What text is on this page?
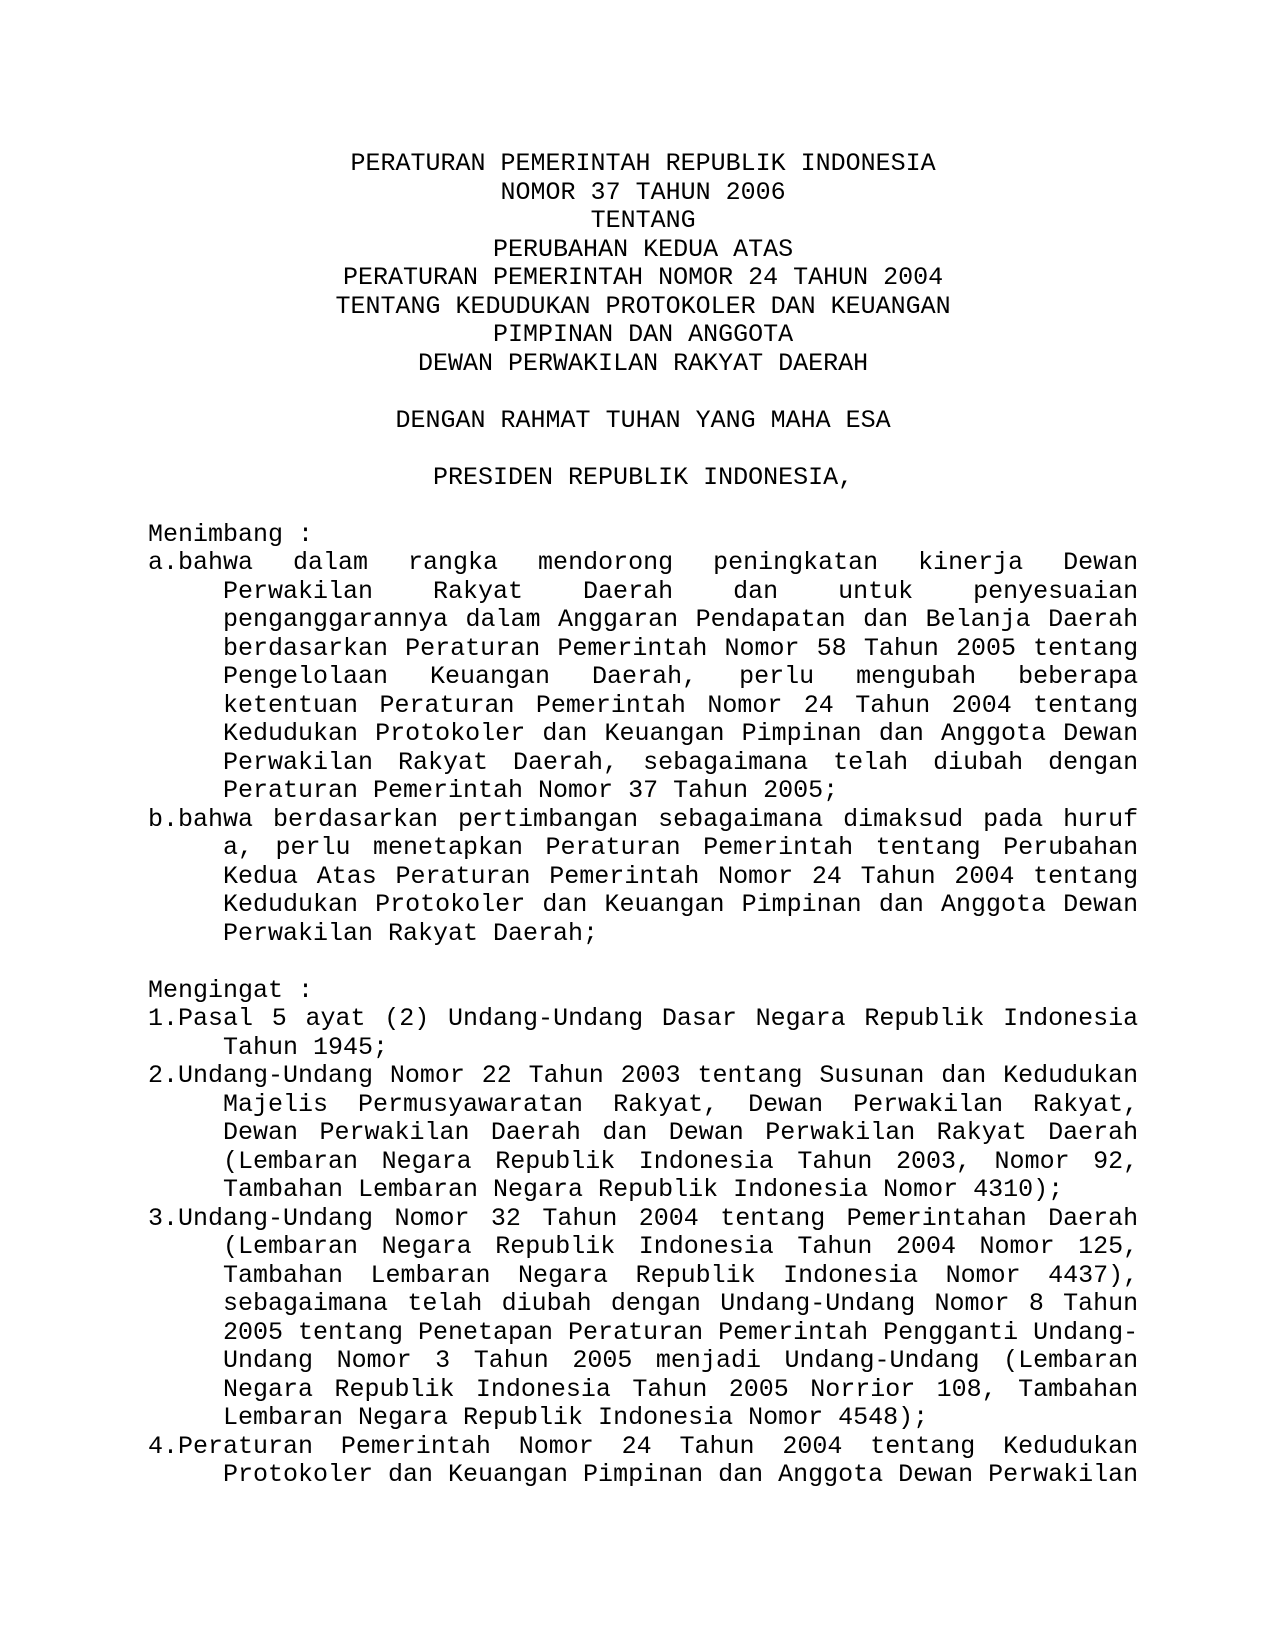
PERATURAN PEMERINTAH REPUBLIK INDONESIA
NOMOR 37 TAHUN 2006
TENTANG
PERUBAHAN KEDUA ATAS
PERATURAN PEMERINTAH NOMOR 24 TAHUN 2004
TENTANG KEDUDUKAN PROTOKOLER DAN KEUANGAN
PIMPINAN DAN ANGGOTA
DEWAN PERWAKILAN RAKYAT DAERAH
DENGAN RAHMAT TUHAN YANG MAHA ESA
PRESIDEN REPUBLIK INDONESIA,
Menimbang :
a.bahwa dalam rangka mendorong peningkatan kinerja Dewan Perwakilan Rakyat Daerah dan untuk penyesuaian penganggarannya dalam Anggaran Pendapatan dan Belanja Daerah berdasarkan Peraturan Pemerintah Nomor 58 Tahun 2005 tentang Pengelolaan Keuangan Daerah, perlu mengubah beberapa ketentuan Peraturan Pemerintah Nomor 24 Tahun 2004 tentang Kedudukan Protokoler dan Keuangan Pimpinan dan Anggota Dewan Perwakilan Rakyat Daerah, sebagaimana telah diubah dengan Peraturan Pemerintah Nomor 37 Tahun 2005;
b.bahwa berdasarkan pertimbangan sebagaimana dimaksud pada huruf a, perlu menetapkan Peraturan Pemerintah tentang Perubahan Kedua Atas Peraturan Pemerintah Nomor 24 Tahun 2004 tentang Kedudukan Protokoler dan Keuangan Pimpinan dan Anggota Dewan Perwakilan Rakyat Daerah;
Mengingat :
1.Pasal 5 ayat (2) Undang-Undang Dasar Negara Republik Indonesia Tahun 1945;
2.Undang-Undang Nomor 22 Tahun 2003 tentang Susunan dan Kedudukan Majelis Permusyawaratan Rakyat, Dewan Perwakilan Rakyat, Dewan Perwakilan Daerah dan Dewan Perwakilan Rakyat Daerah (Lembaran Negara Republik Indonesia Tahun 2003, Nomor 92, Tambahan Lembaran Negara Republik Indonesia Nomor 4310);
3.Undang-Undang Nomor 32 Tahun 2004 tentang Pemerintahan Daerah (Lembaran Negara Republik Indonesia Tahun 2004 Nomor 125, Tambahan Lembaran Negara Republik Indonesia Nomor 4437), sebagaimana telah diubah dengan Undang-Undang Nomor 8 Tahun 2005 tentang Penetapan Peraturan Pemerintah Pengganti Undang-Undang Nomor 3 Tahun 2005 menjadi Undang-Undang (Lembaran Negara Republik Indonesia Tahun 2005 Norrior 108, Tambahan Lembaran Negara Republik Indonesia Nomor 4548);
4.Peraturan Pemerintah Nomor 24 Tahun 2004 tentang Kedudukan Protokoler dan Keuangan Pimpinan dan Anggota Dewan Perwakilan
